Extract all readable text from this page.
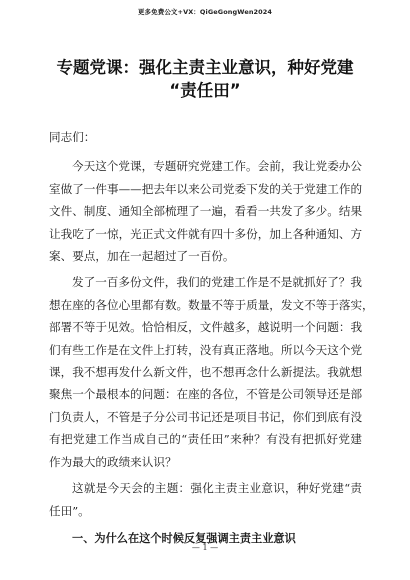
更多免费公文+VX：QiGeGongWen2024
专题党课：强化主责主业意识，种好党建
“责任田”
同志们：

今天这个党课，专题研究党建工作。会前，我让党委办公
室做了一件事——把去年以来公司党委下发的关于党建工作的
文件、制度、通知全部梳理了一遍，看看一共发了多少。结果
让我吃了一惊，光正式文件就有四十多份，加上各种通知、方
案、要点，加在一起超过了一百份。

发了一百多份文件，我们的党建工作是不是就抓好了？我
想在座的各位心里都有数。数量不等于质量，发文不等于落实，
部署不等于见效。恰恰相反，文件越多，越说明一个问题：我
们有些工作是在文件上打转，没有真正落地。所以今天这个党
课，我不想再发什么新文件，也不想再念什么新提法。我就想
聚焦一个最根本的问题：在座的各位，不管是公司领导还是部
门负责人，不管是子分公司书记还是项目书记，你们到底有没
有把党建工作当成自己的“责任田”来种？有没有把抓好党建
作为最大的政绩来认识？

这就是今天会的主题：强化主责主业意识，种好党建“责
任田”。

一、为什么在这个时候反复强调主责主业意识
— 1 —
